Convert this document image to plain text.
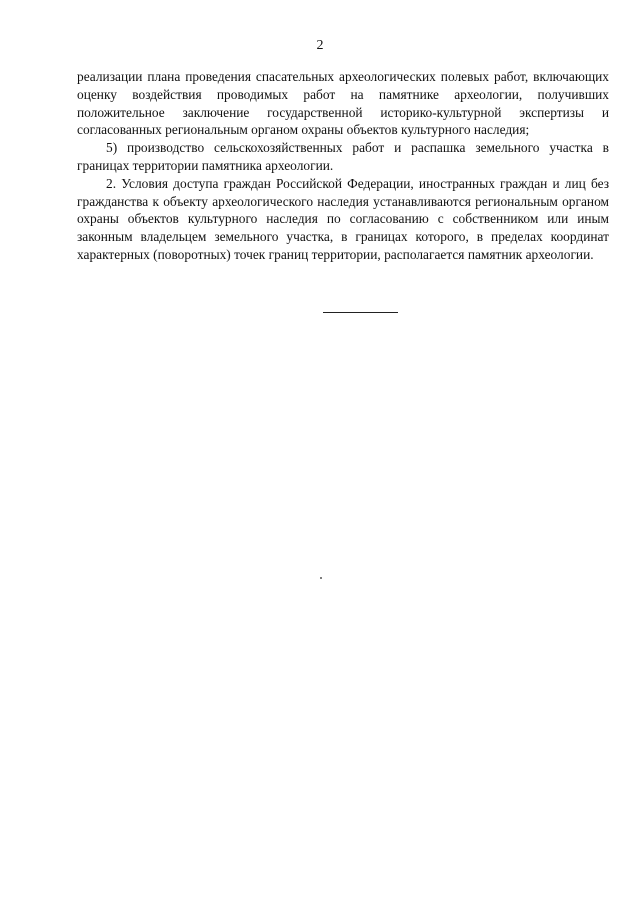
2

реализации плана проведения спасательных археологических полевых работ, включающих оценку воздействия проводимых работ на памятнике археологии, получивших положительное заключение государственной историко-культурной экспертизы и согласованных региональным органом охраны объектов культурного наследия;

5) производство сельскохозяйственных работ и распашка земельного участка в границах территории памятника археологии.

2. Условия доступа граждан Российской Федерации, иностранных граждан и лиц без гражданства к объекту археологического наследия устанавливаются региональным органом охраны объектов культурного наследия по согласованию с собственником или иным законным владельцем земельного участка, в границах которого, в пределах координат характерных (поворотных) точек границ территории, располагается памятник археологии.
